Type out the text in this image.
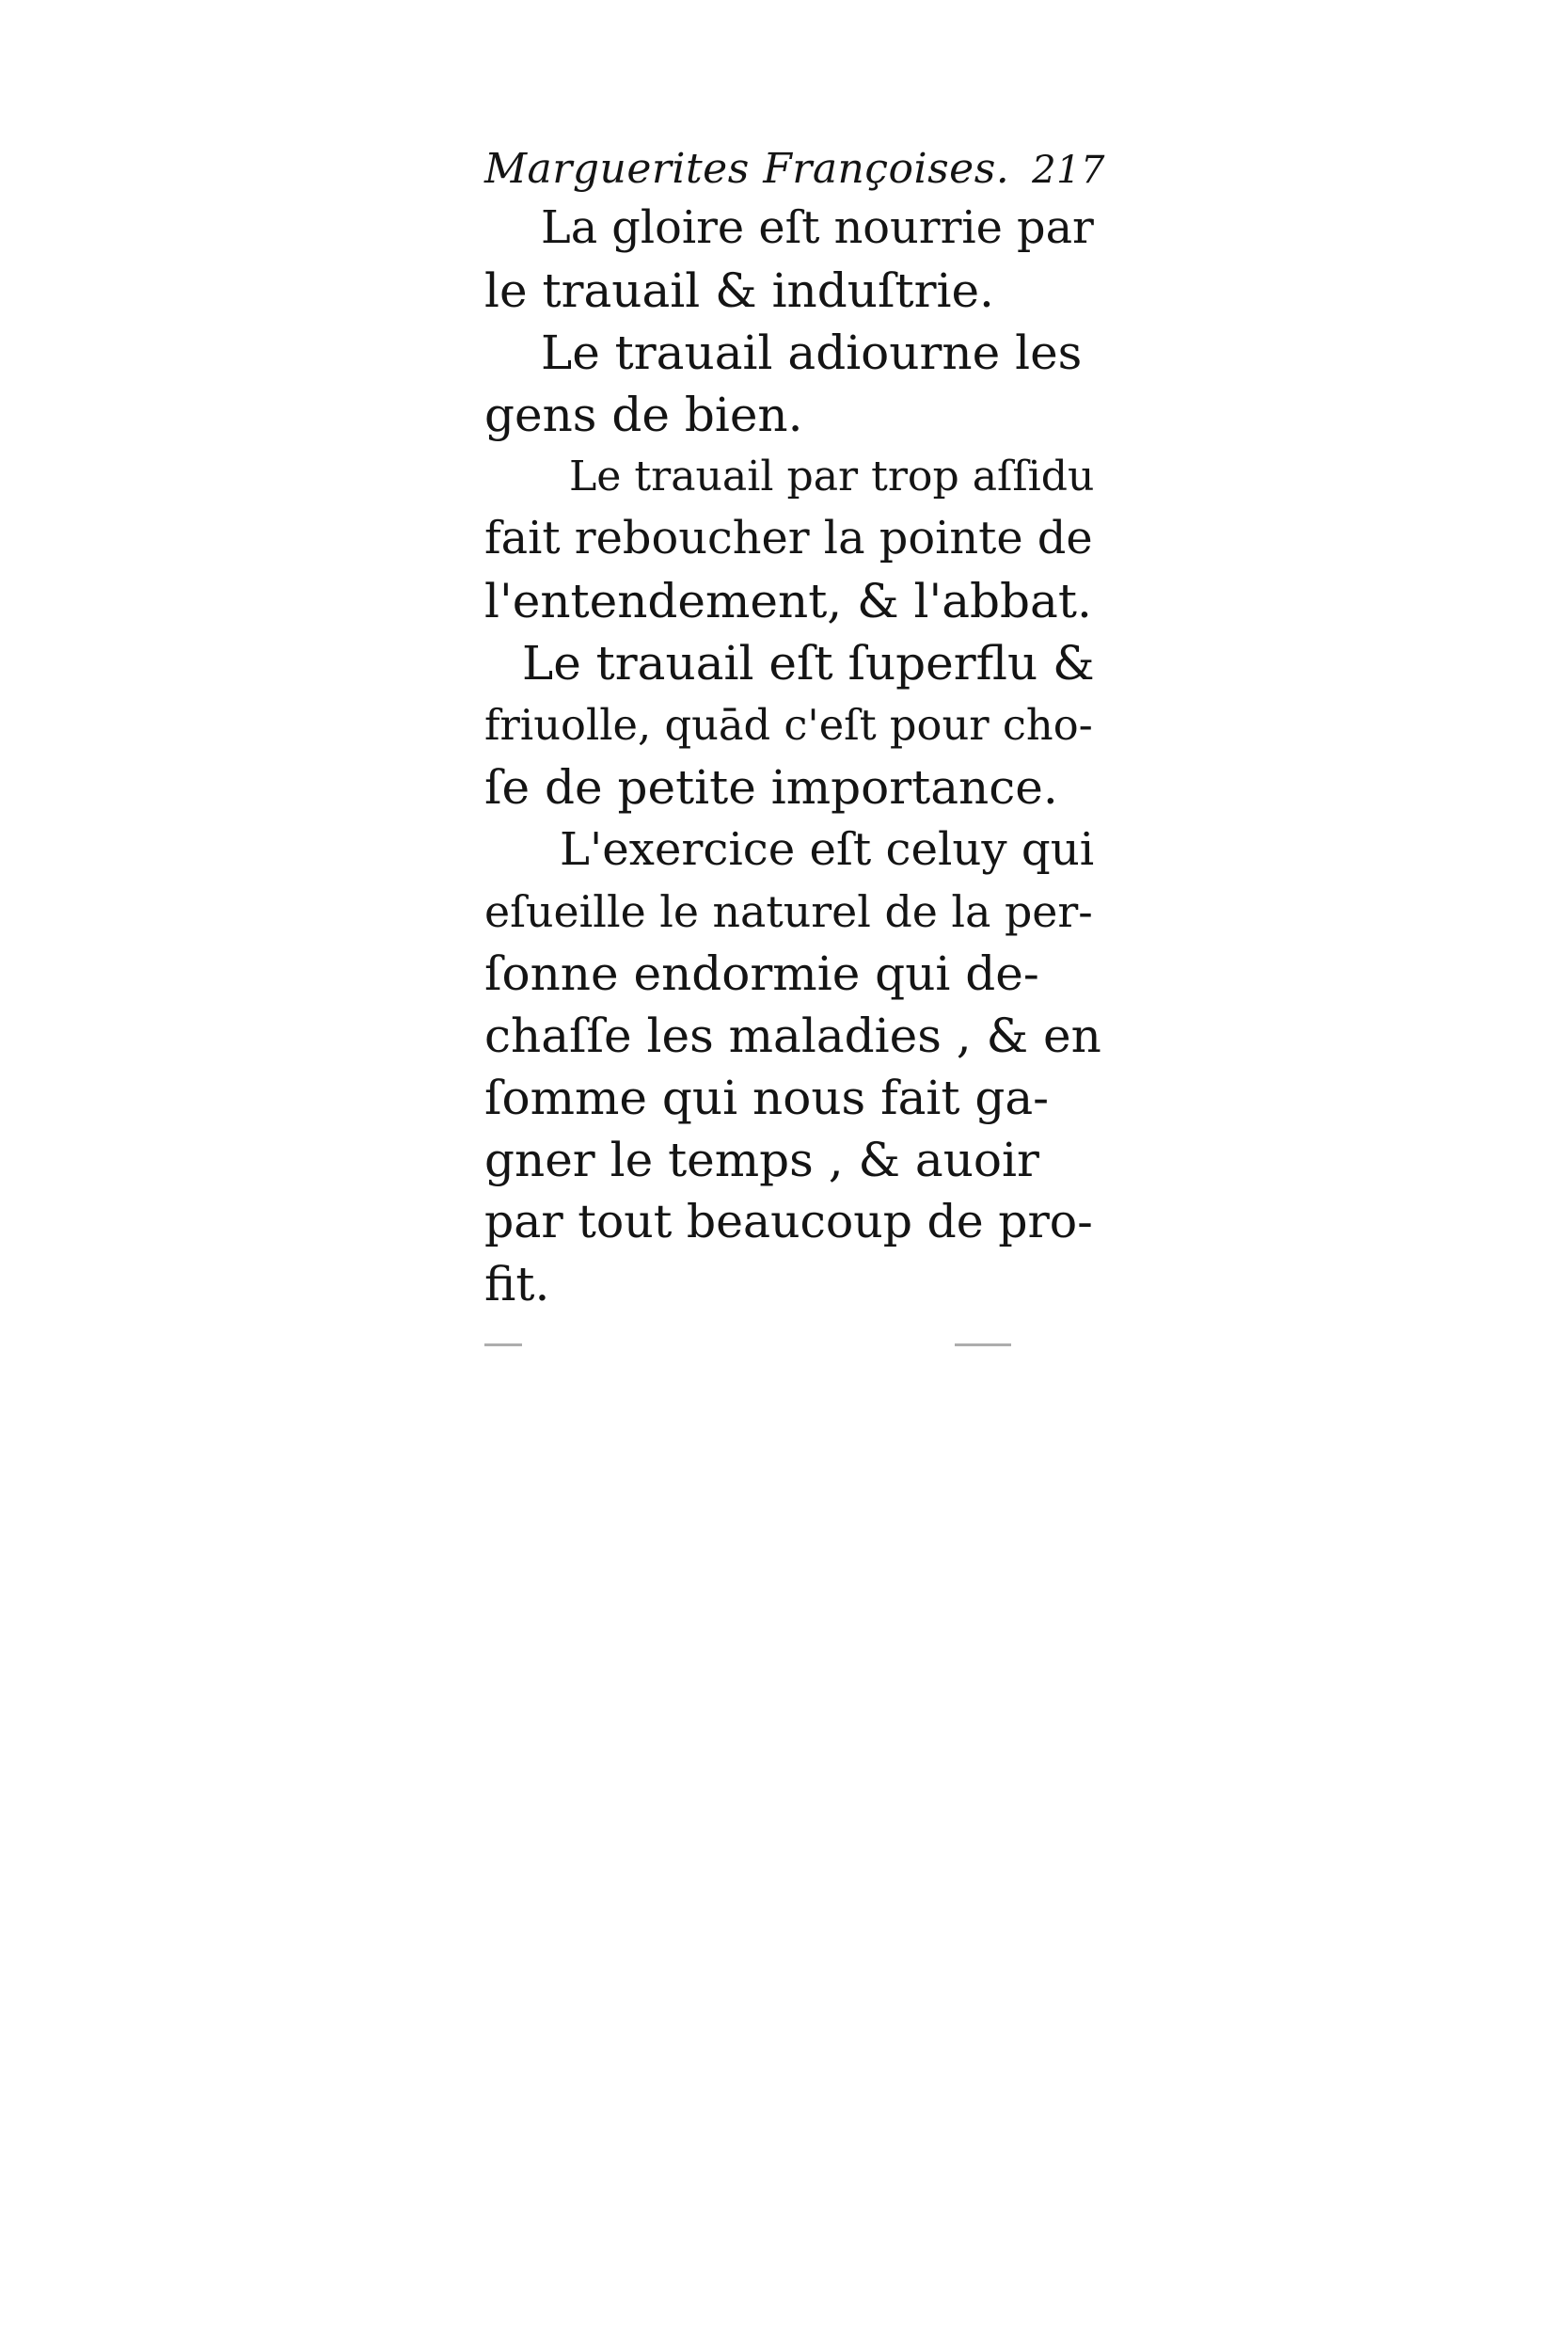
Marguerites Françoises. 217
La gloire eſt nourrie par
le trauail & induſtrie.
Le trauail adiourne les
gens de bien.
Le trauail par trop aſſidu
fait reboucher la pointe de
l'entendement, & l'abbat.
Le trauail eſt ſuperflu &
friuolle, quād c'eſt pour cho-
ſe de petite importance.
L'exercice eſt celuy qui
eſueille le naturel de la per-
ſonne endormie qui de-
chaſſe les maladies , & en
ſomme qui nous fait ga-
gner le temps , & auoir
par tout beaucoup de pro-
fit.
